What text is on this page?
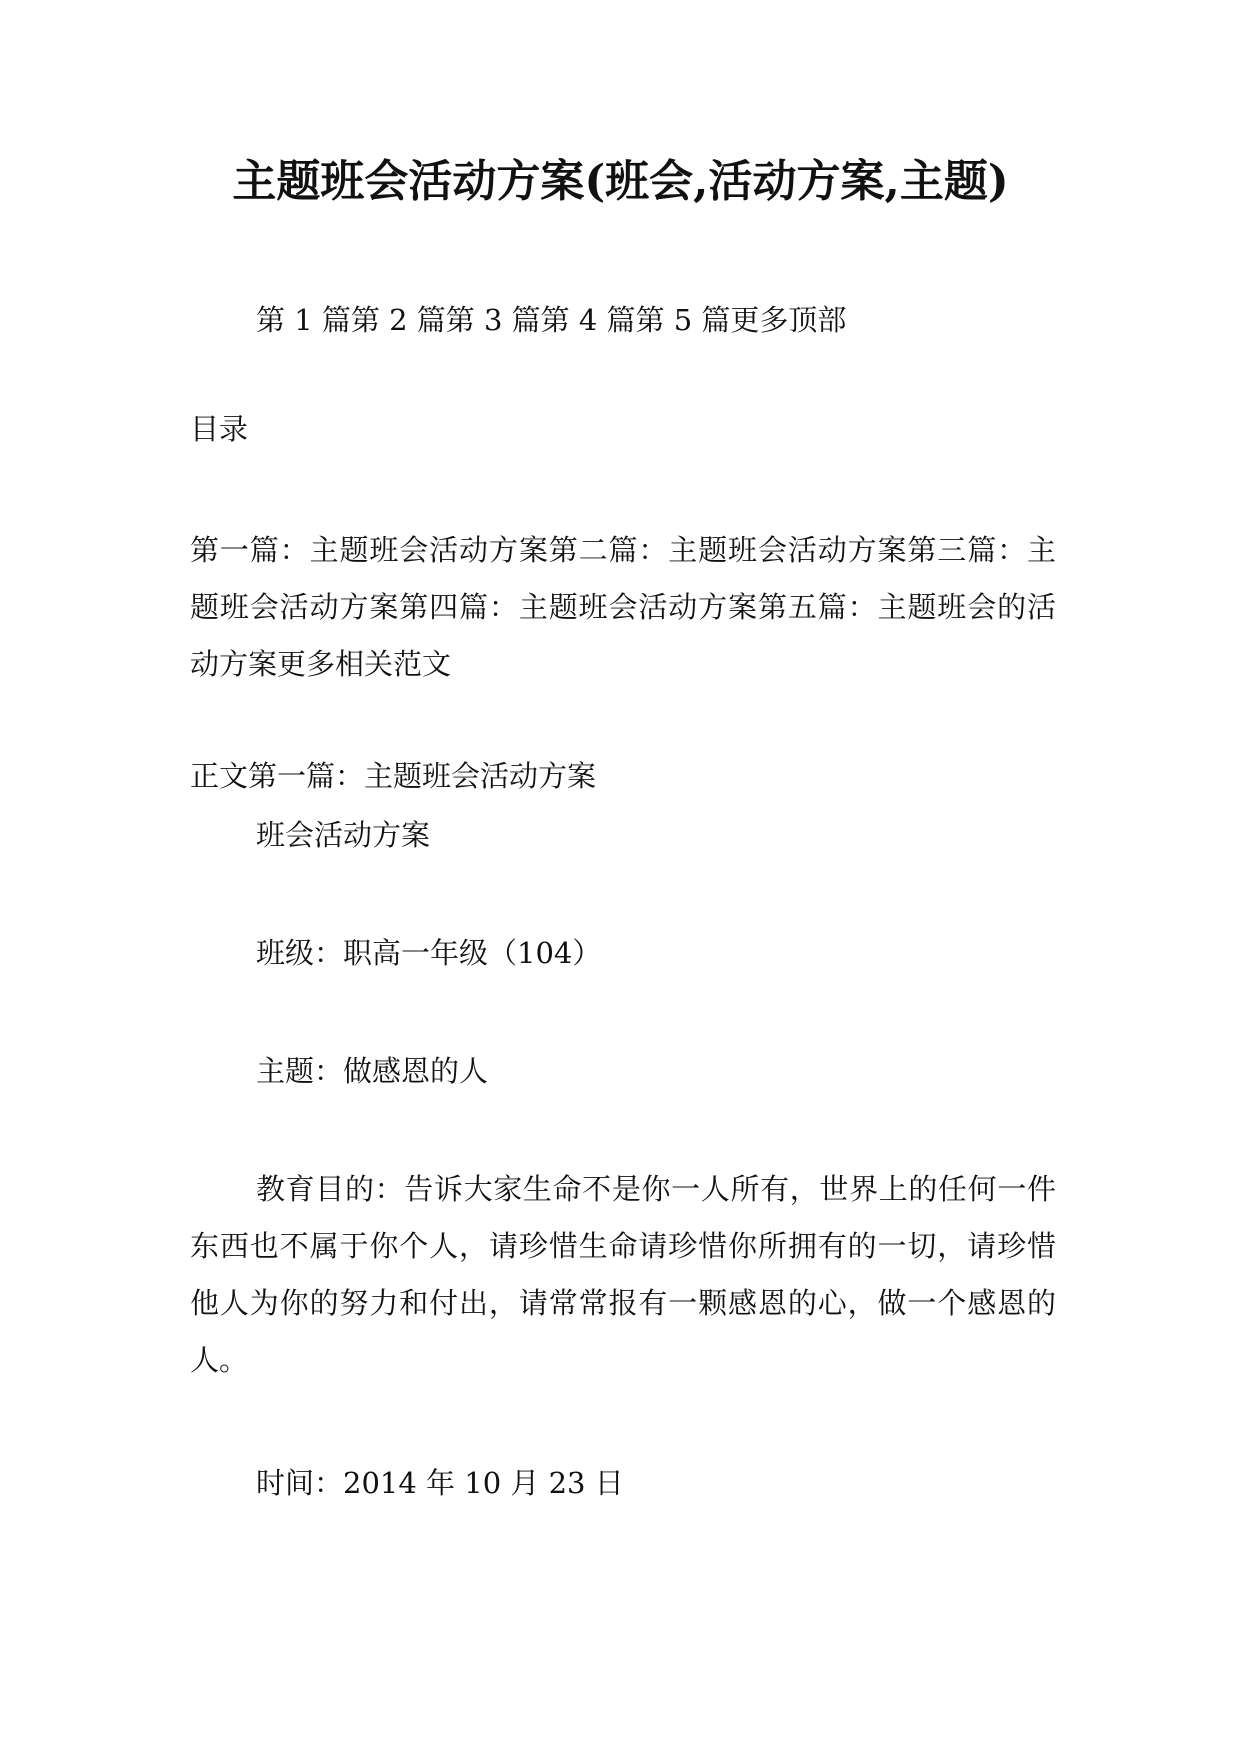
主题班会活动方案(班会,活动方案,主题)
第 1 篇第 2 篇第 3 篇第 4 篇第 5 篇更多顶部
目录
第一篇：主题班会活动方案第二篇：主题班会活动方案第三篇：主题班会活动方案第四篇：主题班会活动方案第五篇：主题班会的活动方案更多相关范文
正文第一篇：主题班会活动方案
班会活动方案
班级：职高一年级（104）
主题：做感恩的人
教育目的：告诉大家生命不是你一人所有，世界上的任何一件东西也不属于你个人，请珍惜生命请珍惜你所拥有的一切，请珍惜他人为你的努力和付出，请常常报有一颗感恩的心，做一个感恩的人。
时间：2014 年 10 月 23 日
